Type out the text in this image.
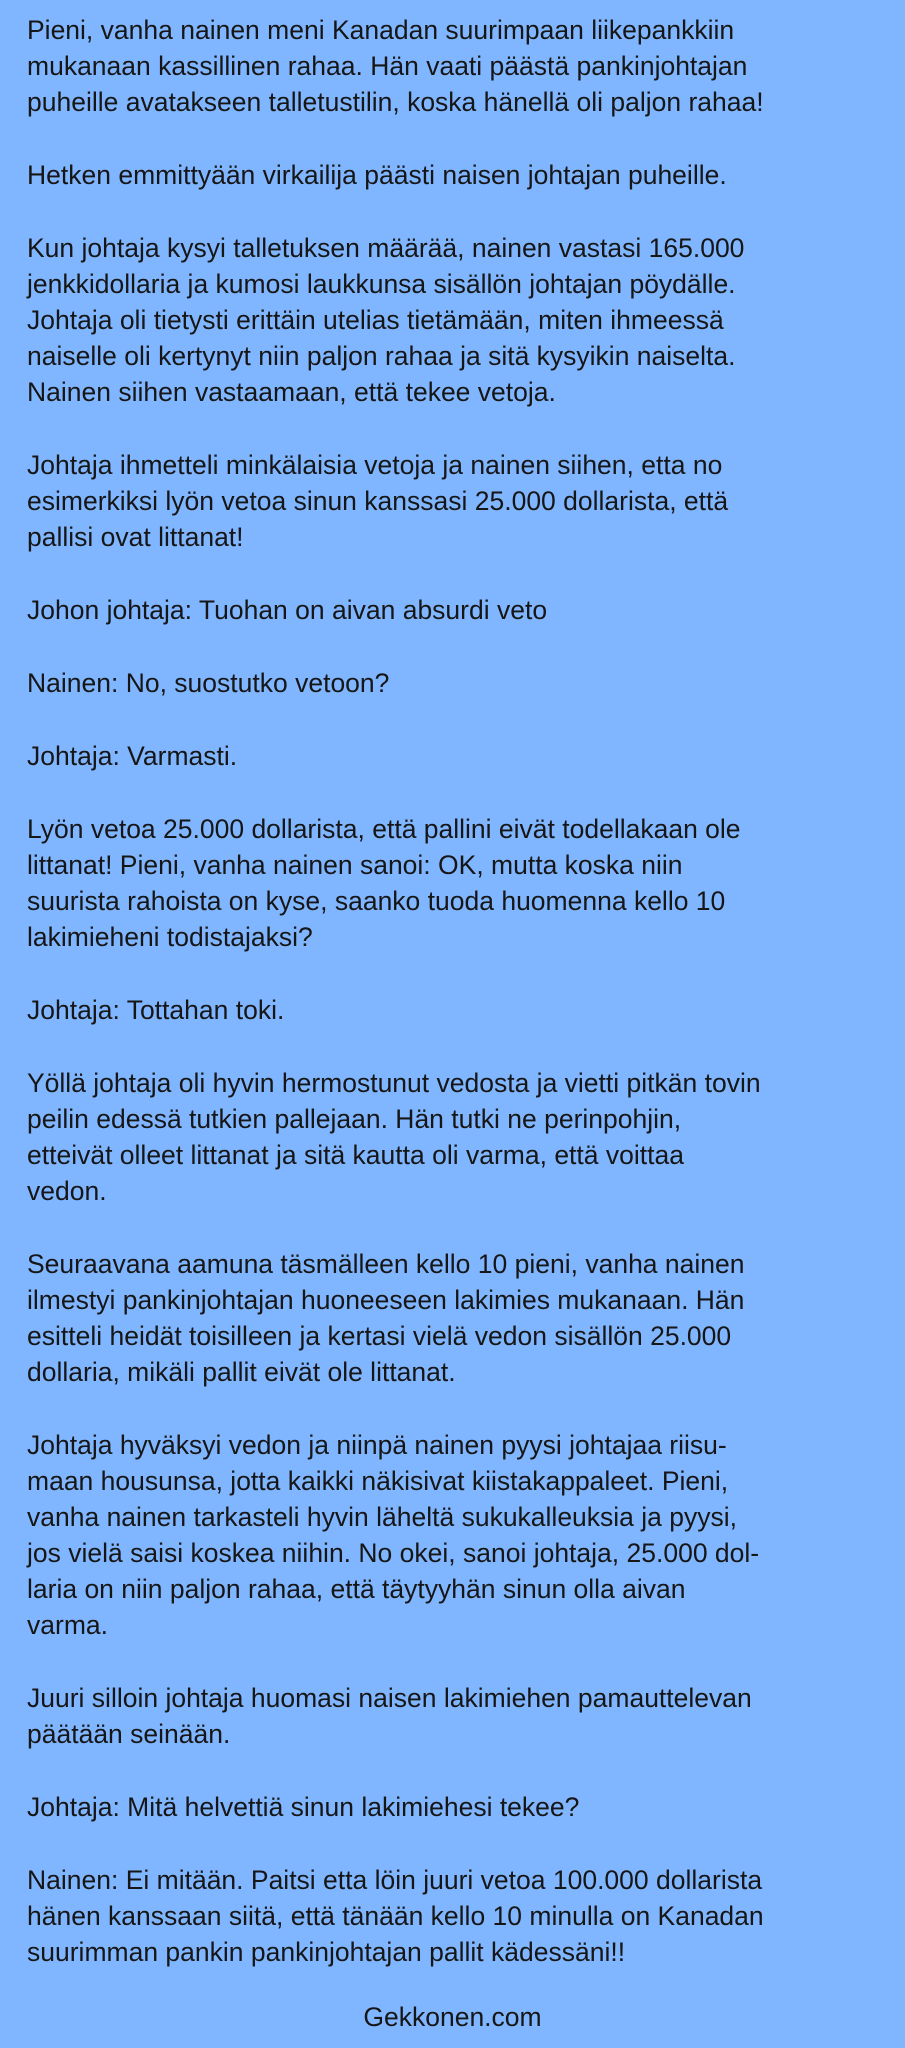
Pieni, vanha nainen meni Kanadan suurimpaan liikepankkiin
mukanaan kassillinen rahaa. Hän vaati päästä pankinjohtajan
puheille avatakseen talletustilin, koska hänellä oli paljon rahaa!

Hetken emmittyään virkailija päästi naisen johtajan puheille.

Kun johtaja kysyi talletuksen määrää, nainen vastasi 165.000
jenkkidollaria ja kumosi laukkunsa sisällön johtajan pöydälle.
Johtaja oli tietysti erittäin utelias tietämään, miten ihmeessä
naiselle oli kertynyt niin paljon rahaa ja sitä kysyikin naiselta.
Nainen siihen vastaamaan, että tekee vetoja.

Johtaja ihmetteli minkälaisia vetoja ja nainen siihen, etta no
esimerkiksi lyön vetoa sinun kanssasi 25.000 dollarista, että
pallisi ovat littanat!

Johon johtaja: Tuohan on aivan absurdi veto

Nainen: No, suostutko vetoon?

Johtaja: Varmasti.

Lyön vetoa 25.000 dollarista, että pallini eivät todellakaan ole
littanat! Pieni, vanha nainen sanoi: OK, mutta koska niin
suurista rahoista on kyse, saanko tuoda huomenna kello 10
lakimieheni todistajaksi?

Johtaja: Tottahan toki.

Yöllä johtaja oli hyvin hermostunut vedosta ja vietti pitkän tovin
peilin edessä tutkien pallejaan. Hän tutki ne perinpohjin,
etteivät olleet littanat ja sitä kautta oli varma, että voittaa
vedon.

Seuraavana aamuna täsmälleen kello 10 pieni, vanha nainen
ilmestyi pankinjohtajan huoneeseen lakimies mukanaan. Hän
esitteli heidät toisilleen ja kertasi vielä vedon sisällön 25.000
dollaria, mikäli pallit eivät ole littanat.

Johtaja hyväksyi vedon ja niinpä nainen pyysi johtajaa riisu-
maan housunsa, jotta kaikki näkisivat kiistakappaleet. Pieni,
vanha nainen tarkasteli hyvin läheltä sukukalleuksia ja pyysi,
jos vielä saisi koskea niihin. No okei, sanoi johtaja, 25.000 dol-
laria on niin paljon rahaa, että täytyyhän sinun olla aivan
varma.

Juuri silloin johtaja huomasi naisen lakimiehen pamauttelevan
päätään seinään.

Johtaja: Mitä helvettiä sinun lakimiehesi tekee?

Nainen: Ei mitään. Paitsi etta löin juuri vetoa 100.000 dollarista
hänen kanssaan siitä, että tänään kello 10 minulla on Kanadan
suurimman pankin pankinjohtajan pallit kädessäni!!

Gekkonen.com
